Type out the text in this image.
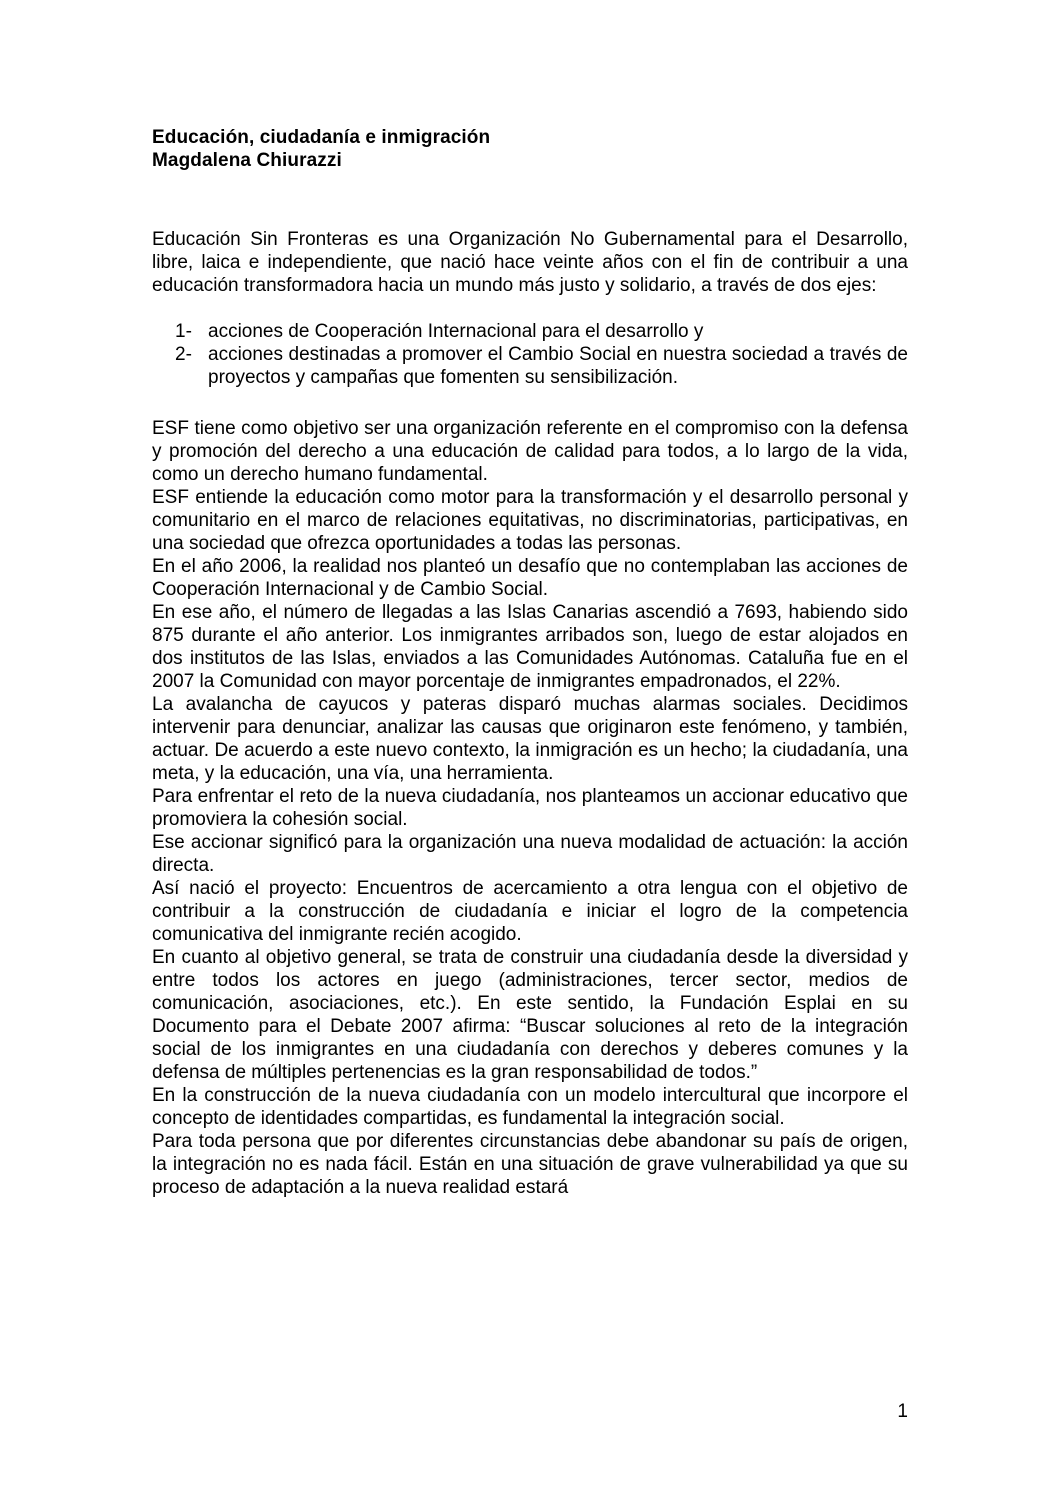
Educación, ciudadanía e inmigración
Magdalena Chiurazzi

Educación Sin Fronteras es una Organización No Gubernamental para el Desarrollo, libre, laica e independiente, que nació hace veinte años con el fin de contribuir a una educación transformadora hacia un mundo más justo y solidario, a través de dos ejes:

1- acciones de Cooperación Internacional para el desarrollo y
2- acciones destinadas a promover el Cambio Social en nuestra sociedad a través de proyectos y campañas que fomenten su sensibilización.

ESF tiene como objetivo ser una organización referente en el compromiso con la defensa y promoción del derecho a una educación de calidad para todos, a lo largo de la vida, como un derecho humano fundamental.

ESF entiende la educación como motor para la transformación y el desarrollo personal y comunitario en el marco de relaciones equitativas, no discriminatorias, participativas, en una sociedad que ofrezca oportunidades a todas las personas.

En el año 2006, la realidad nos planteó un desafío que no contemplaban las acciones de Cooperación Internacional y de Cambio Social.

En ese año, el número de llegadas a las Islas Canarias ascendió a 7693, habiendo sido 875 durante el año anterior. Los inmigrantes arribados son, luego de estar alojados en dos institutos de las Islas, enviados a las Comunidades Autónomas. Cataluña fue en el 2007 la Comunidad con mayor porcentaje de inmigrantes empadronados, el 22%.

La avalancha de cayucos y pateras disparó muchas alarmas sociales. Decidimos intervenir para denunciar, analizar las causas que originaron este fenómeno, y también, actuar. De acuerdo a este nuevo contexto, la inmigración es un hecho; la ciudadanía, una meta, y la educación, una vía, una herramienta.

Para enfrentar el reto de la nueva ciudadanía, nos planteamos un accionar educativo que promoviera la cohesión social.

Ese accionar significó para la organización una nueva modalidad de actuación: la acción directa.

Así nació el proyecto: Encuentros de acercamiento a otra lengua con el objetivo de contribuir a la construcción de ciudadanía e iniciar el logro de la competencia comunicativa del inmigrante recién acogido.

En cuanto al objetivo general, se trata de construir una ciudadanía desde la diversidad y entre todos los actores en juego (administraciones, tercer sector, medios de comunicación, asociaciones, etc.). En este sentido, la Fundación Esplai en su Documento para el Debate 2007 afirma: “Buscar soluciones al reto de la integración social de los inmigrantes en una ciudadanía con derechos y deberes comunes y la defensa de múltiples pertenencias es la gran responsabilidad de todos.”

En la construcción de la nueva ciudadanía con un modelo intercultural que incorpore el concepto de identidades compartidas, es fundamental la integración social.

Para toda persona que por diferentes circunstancias debe abandonar su país de origen, la integración no es nada fácil. Están en una situación de grave vulnerabilidad ya que su proceso de adaptación a la nueva realidad estará

1
